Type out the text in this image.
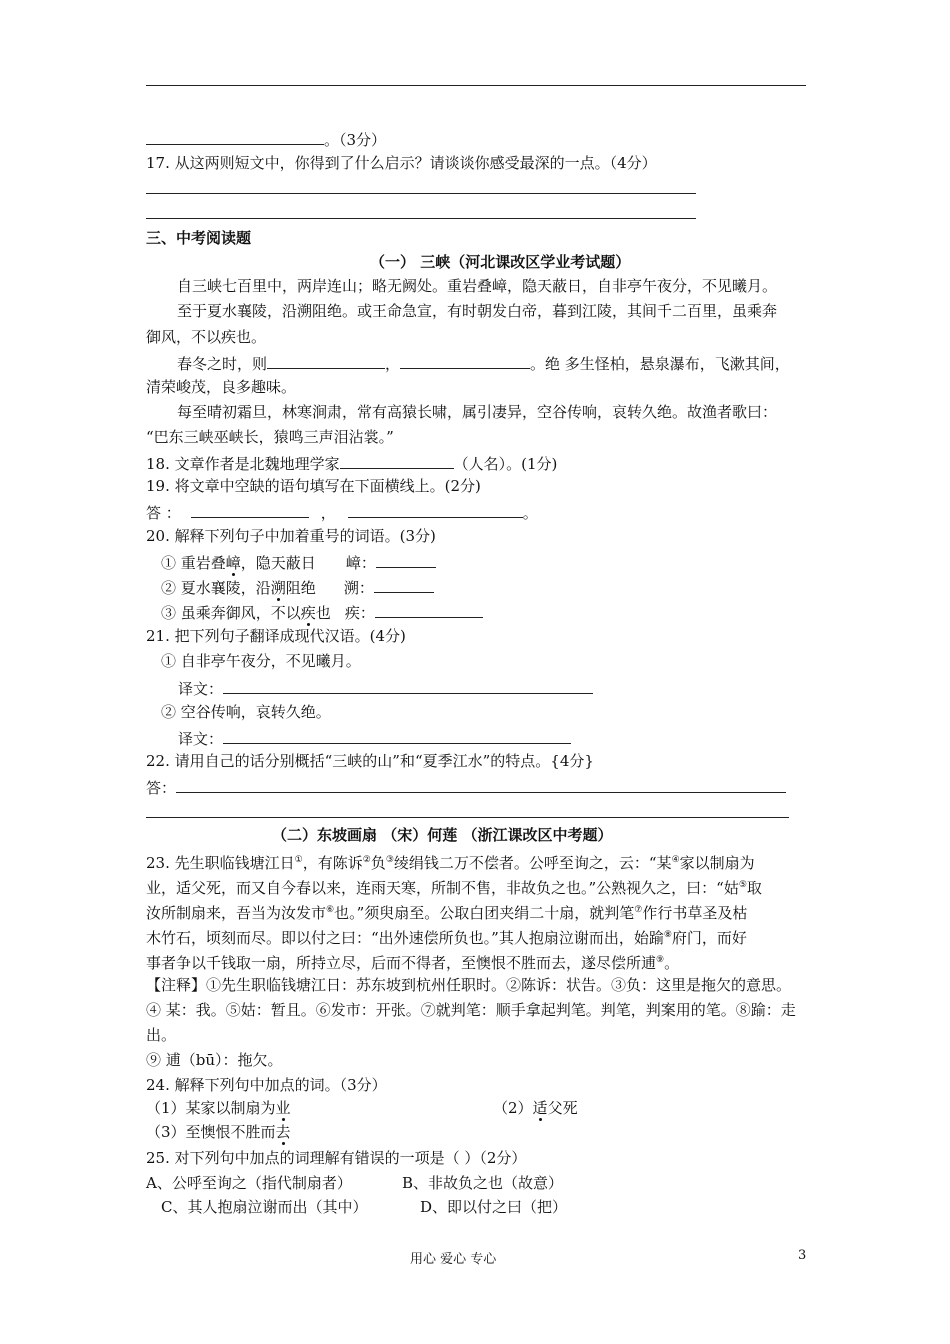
。（3分）
17. 从这两则短文中，你得到了什么启示？请谈谈你感受最深的一点。（4分）
三、中考阅读题
（一） 三峡（河北课改区学业考试题）
自三峡七百里中，两岸连山；略无阙处。重岩叠嶂，隐天蔽日，自非亭午夜分，不见曦月。
至于夏水襄陵，沿溯阻绝。或王命急宣，有时朝发白帝，暮到江陵，其间千二百里，虽乘奔
御风，不以疾也。
春冬之时，则	，	。绝 多生怪柏，悬泉瀑布，飞漱其间，
清荣峻茂，良多趣味。
每至晴初霜旦，林寒涧肃，常有高猿长啸，属引凄异，空谷传响，哀转久绝。故渔者歌曰：
“巴东三峡巫峡长，猿鸣三声泪沾裳。”
18. 文章作者是北魏地理学家	（人名）。(1分)
19. 将文章中空缺的语句填写在下面横线上。(2分)
答 ：	，	。
20. 解释下列句子中加着重号的词语。(3分)
① 重岩叠嶂，隐天蔽日 嶂：
② 夏水襄陵，沿溯阻绝 溯：
③ 虽乘奔御风，不以疾也 疾：
21. 把下列句子翻译成现代汉语。(4分)
① 自非亭午夜分，不见曦月。
译文：
② 空谷传响，哀转久绝。
译文：
22. 请用自己的话分别概括“三峡的山”和“夏季江水”的特点。{4分}
答：
（二）东坡画扇 （宋）何莲 （浙江课改区中考题）
23. 先生职临钱塘江日①，有陈诉②负③绫绢钱二万不偿者。公呼至询之，云：“某④家以制扇为
业，适父死，而又自今春以来，连雨天寒，所制不售，非故负之也。”公熟视久之，曰：“姑⑤取
汝所制扇来，吾当为汝发市⑥也。”须臾扇至。公取白团夹绢二十扇，就判笔⑦作行书草圣及枯
木竹石，顷刻而尽。即以付之曰：“出外速偿所负也。”其人抱扇泣谢而出，始踰⑧府门，而好
事者争以千钱取一扇，所持立尽，后而不得者，至懊恨不胜而去，遂尽偿所逋⑨。
【注释】①先生职临钱塘江日：苏东坡到杭州任职时。②陈诉：状告。③负：这里是拖欠的意思。
④ 某：我。⑤姑：暂且。⑥发市：开张。⑦就判笔：顺手拿起判笔。判笔，判案用的笔。⑧踰：走
出。
⑨ 逋（bū）：拖欠。
24. 解释下列句中加点的词。（3分）
（1）某家以制扇为业	（2）适父死
（3）至懊恨不胜而去
25. 对下列句中加点的词理解有错误的一项是（ ）（2分）
A、公呼至询之（指代制扇者）	B、非故负之也（故意）
C、其人抱扇泣谢而出（其中）	D、即以付之曰（把）
用心 爱心 专心	3
